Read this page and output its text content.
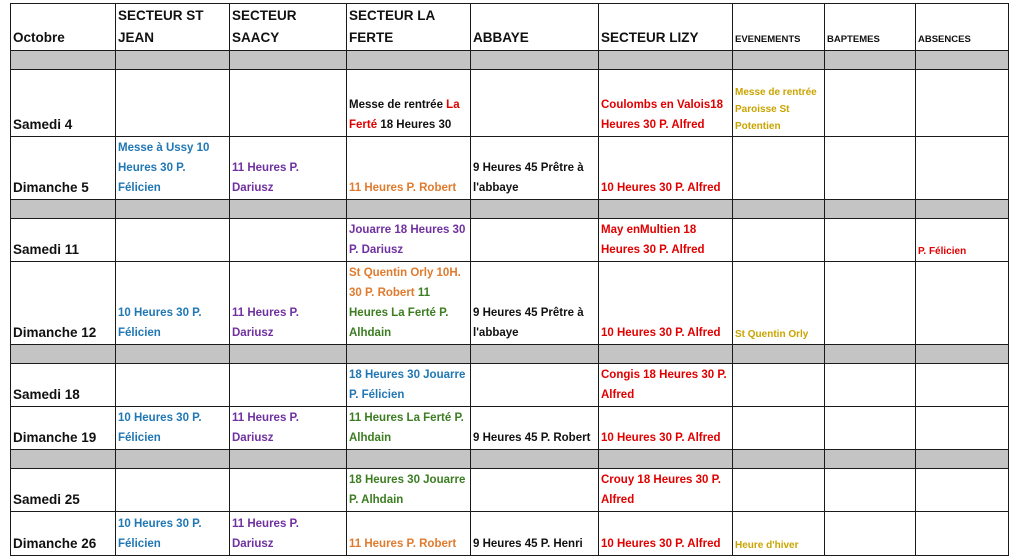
Octobre	SECTEUR ST JEAN	SECTEUR SAACY	SECTEUR LA FERTE	ABBAYE	SECTEUR LIZY	EVENEMENTS	BAPTEMES	ABSENCES

Samedi 4			Messe de rentrée La Ferté 18 Heures 30		Coulombs en Valois18 Heures 30 P. Alfred	Messe de rentrée Paroisse St Potentien		
Dimanche 5	Messe à Ussy 10 Heures 30 P. Félicien	11 Heures P. Dariusz	11 Heures P. Robert	9 Heures 45 Prêtre à l'abbaye	10 Heures 30 P. Alfred			

Samedi 11			Jouarre 18 Heures 30 P. Dariusz		May enMultien 18 Heures 30 P. Alfred			P. Félicien
Dimanche 12	10 Heures 30 P. Félicien	11 Heures P. Dariusz	St Quentin Orly 10H. 30 P. Robert 11 Heures La Ferté P. Alhdain	9 Heures 45 Prêtre à l'abbaye	10 Heures 30 P. Alfred	St Quentin Orly		

Samedi 18			18 Heures 30 Jouarre P. Félicien		Congis 18 Heures 30 P. Alfred			
Dimanche 19	10 Heures 30 P. Félicien	11 Heures P. Dariusz	11 Heures La Ferté P. Alhdain	9 Heures 45 P. Robert	10 Heures 30 P. Alfred			

Samedi 25			18 Heures 30 Jouarre P. Alhdain		Crouy 18 Heures 30 P. Alfred			
Dimanche 26	10 Heures 30 P. Félicien	11 Heures P. Dariusz	11 Heures P. Robert	9 Heures 45 P. Henri	10 Heures 30 P. Alfred	Heure d'hiver		
